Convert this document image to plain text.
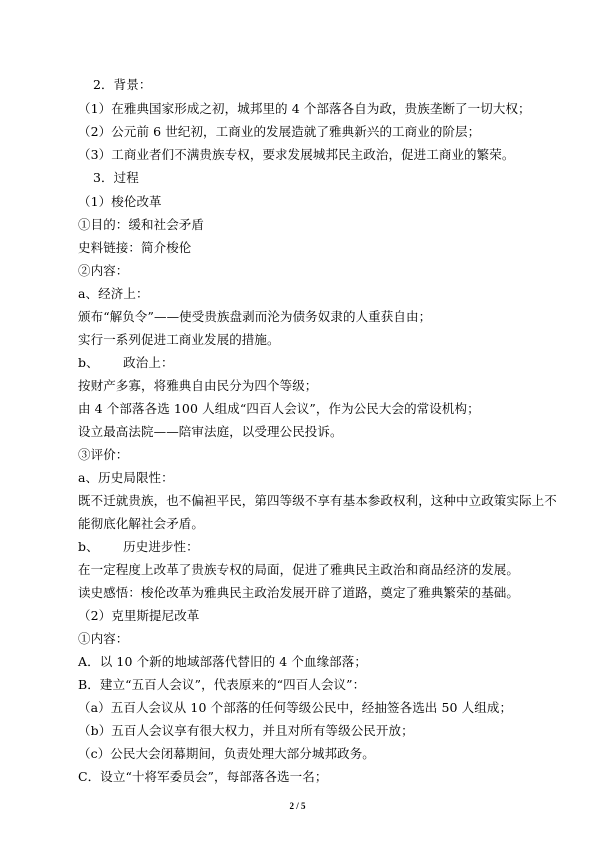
2．背景：
（1）在雅典国家形成之初，城邦里的 4 个部落各自为政，贵族垄断了一切大权；
（2）公元前 6 世纪初，工商业的发展造就了雅典新兴的工商业的阶层；
（3）工商业者们不满贵族专权，要求发展城邦民主政治，促进工商业的繁荣。
3．过程
（1）梭伦改革
①目的：缓和社会矛盾
史料链接：简介梭伦
②内容：
a、经济上：
颁布“解负令”——使受贵族盘剥而沦为债务奴隶的人重获自由；
实行一系列促进工商业发展的措施。
b、      政治上：
按财产多寡，将雅典自由民分为四个等级；
由 4 个部落各选 100 人组成“四百人会议”，作为公民大会的常设机构；
设立最高法院——陪审法庭，以受理公民投诉。
③评价：
a、历史局限性：
既不迁就贵族，也不偏袒平民，第四等级不享有基本参政权利，这种中立政策实际上不
能彻底化解社会矛盾。
b、      历史进步性：
在一定程度上改革了贵族专权的局面，促进了雅典民主政治和商品经济的发展。
读史感悟：梭伦改革为雅典民主政治发展开辟了道路，奠定了雅典繁荣的基础。
（2）克里斯提尼改革
①内容：
A．以 10 个新的地域部落代替旧的 4 个血缘部落；
B．建立“五百人会议”，代表原来的“四百人会议”：
（a）五百人会议从 10 个部落的任何等级公民中，经抽签各选出 50 人组成；
（b）五百人会议享有很大权力，并且对所有等级公民开放；
（c）公民大会闭幕期间，负责处理大部分城邦政务。
C．设立“十将军委员会”，每部落各选一名；
2 / 5
